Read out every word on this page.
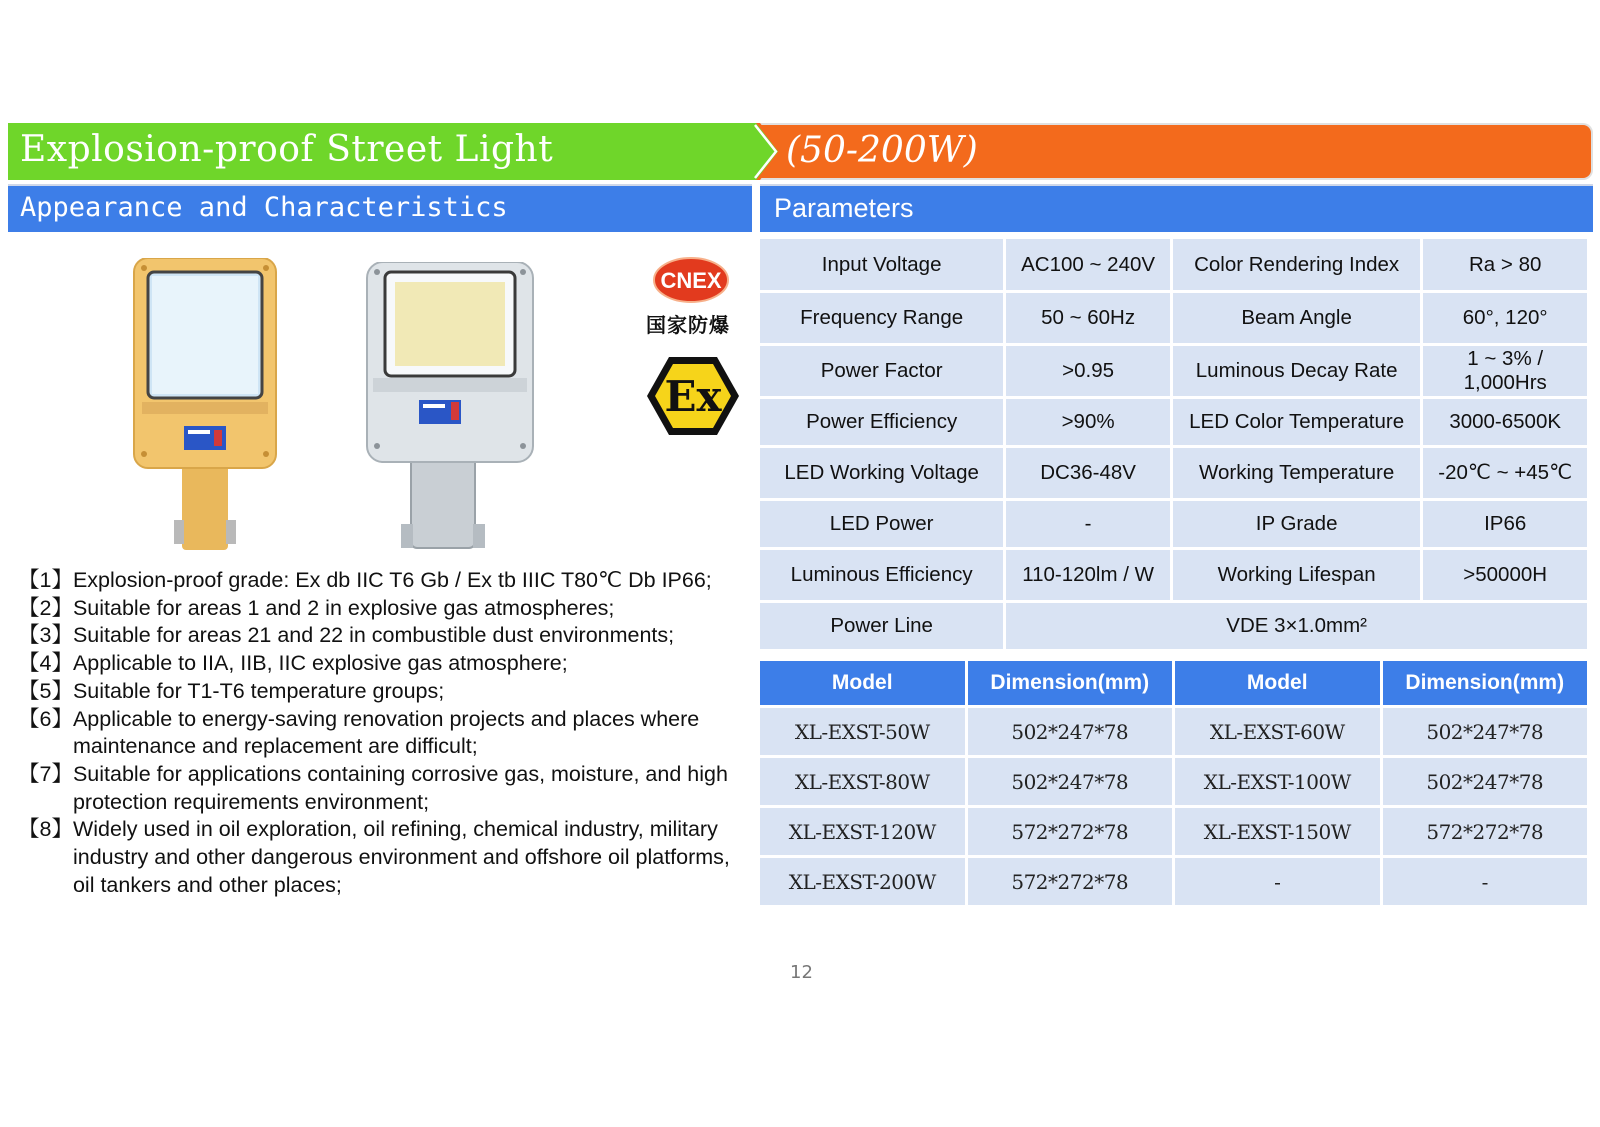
Explosion-proof Street Light	(50-200W)
Appearance and Characteristics	Parameters
CNEX
国家防爆
Ex
【1】 Explosion-proof grade: Ex db IIC T6 Gb / Ex tb IIIC T80℃ Db IP66;
【2】 Suitable for areas 1 and 2 in explosive gas atmospheres;
【3】 Suitable for areas 21 and 22 in combustible dust environments;
【4】 Applicable to IIA, IIB, IIC explosive gas atmosphere;
【5】 Suitable for T1-T6 temperature groups;
【6】 Applicable to energy-saving renovation projects and places where maintenance and replacement are difficult;
【7】 Suitable for applications containing corrosive gas, moisture, and high protection requirements environment;
【8】 Widely used in oil exploration, oil refining, chemical industry, military industry and other dangerous environment and offshore oil platforms, oil tankers and other places;
Input Voltage	AC100 ~ 240V	Color Rendering Index	Ra > 80
Frequency Range	50 ~ 60Hz	Beam Angle	60°, 120°
Power Factor	>0.95	Luminous Decay Rate	1 ~ 3% / 1,000Hrs
Power Efficiency	>90%	LED Color Temperature	3000-6500K
LED Working Voltage	DC36-48V	Working Temperature	-20℃ ~ +45℃
LED Power	-	IP Grade	IP66
Luminous Efficiency	110-120lm / W	Working Lifespan	>50000H
Power Line	VDE 3×1.0mm²		
Model	Dimension(mm)	Model	Dimension(mm)
XL-EXST-50W	502*247*78	XL-EXST-60W	502*247*78
XL-EXST-80W	502*247*78	XL-EXST-100W	502*247*78
XL-EXST-120W	572*272*78	XL-EXST-150W	572*272*78
XL-EXST-200W	572*272*78	-	-
12
